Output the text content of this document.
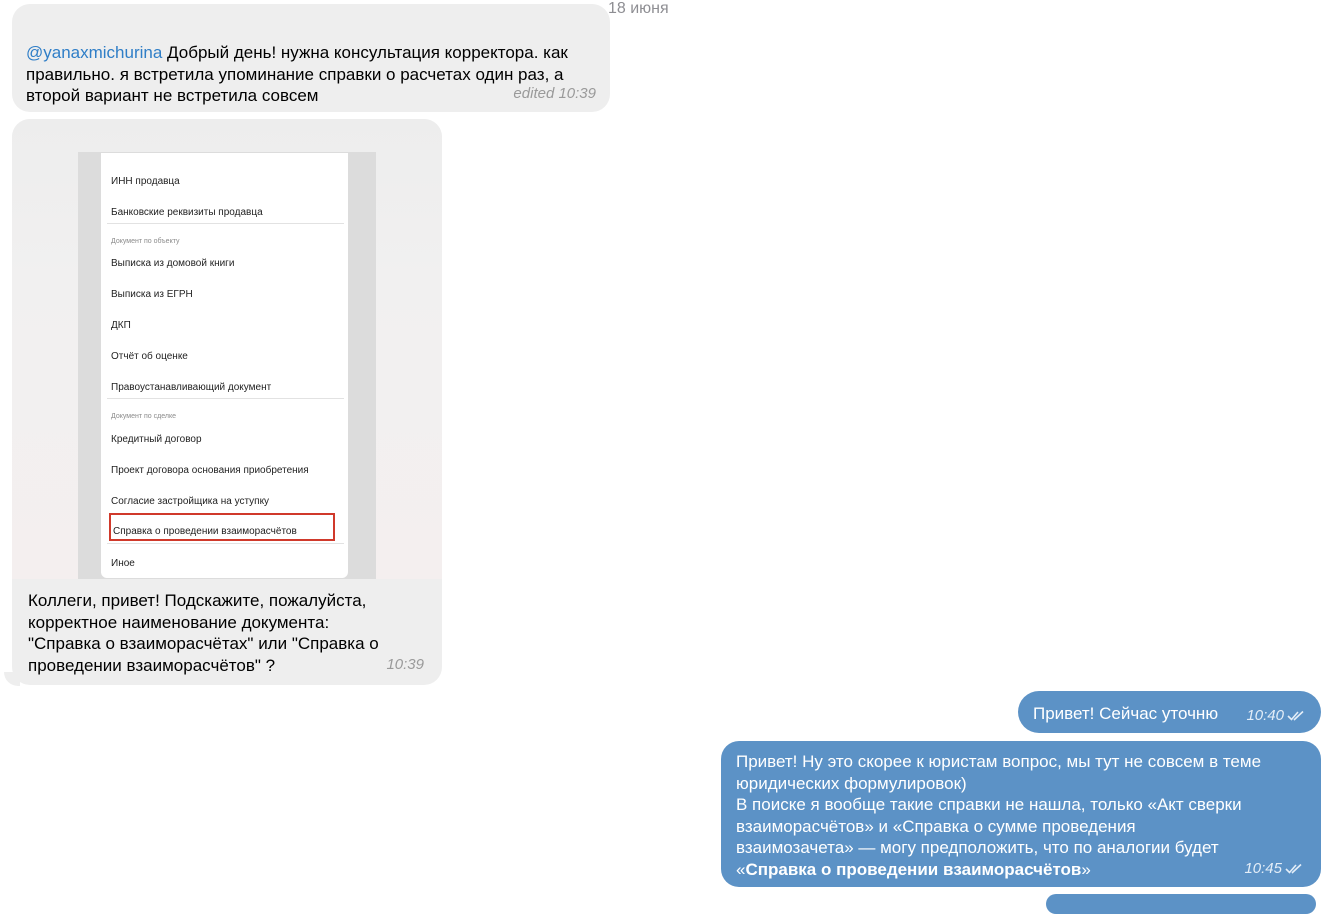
18 июня
@yanaxmichurina Добрый день! нужна консультация корректора. как
правильно. я встретила упоминание справки о расчетах один раз, а
второй вариант не встретила совсем	edited 10:39
ИНН продавца
Банковские реквизиты продавца
Документ по объекту
Выписка из домовой книги
Выписка из ЕГРН
ДКП
Отчёт об оценке
Правоустанавливающий документ
Документ по сделке
Кредитный договор
Проект договора основания приобретения
Согласие застройщика на уступку
Справка о проведении взаиморасчётов
Иное
Коллеги, привет! Подскажите, пожалуйста,
корректное наименование документа:
"Справка о взаиморасчётах" или "Справка о
проведении взаиморасчётов" ?	10:39
Привет! Сейчас уточню 10:40
Привет! Ну это скорее к юристам вопрос, мы тут не совсем в теме
юридических формулировок)
В поиске я вообще такие справки не нашла, только «Акт сверки
взаиморасчётов» и «Справка о сумме проведения
взаимозачета» — могу предположить, что по аналогии будет
«Справка о проведении взаиморасчётов»	10:45
